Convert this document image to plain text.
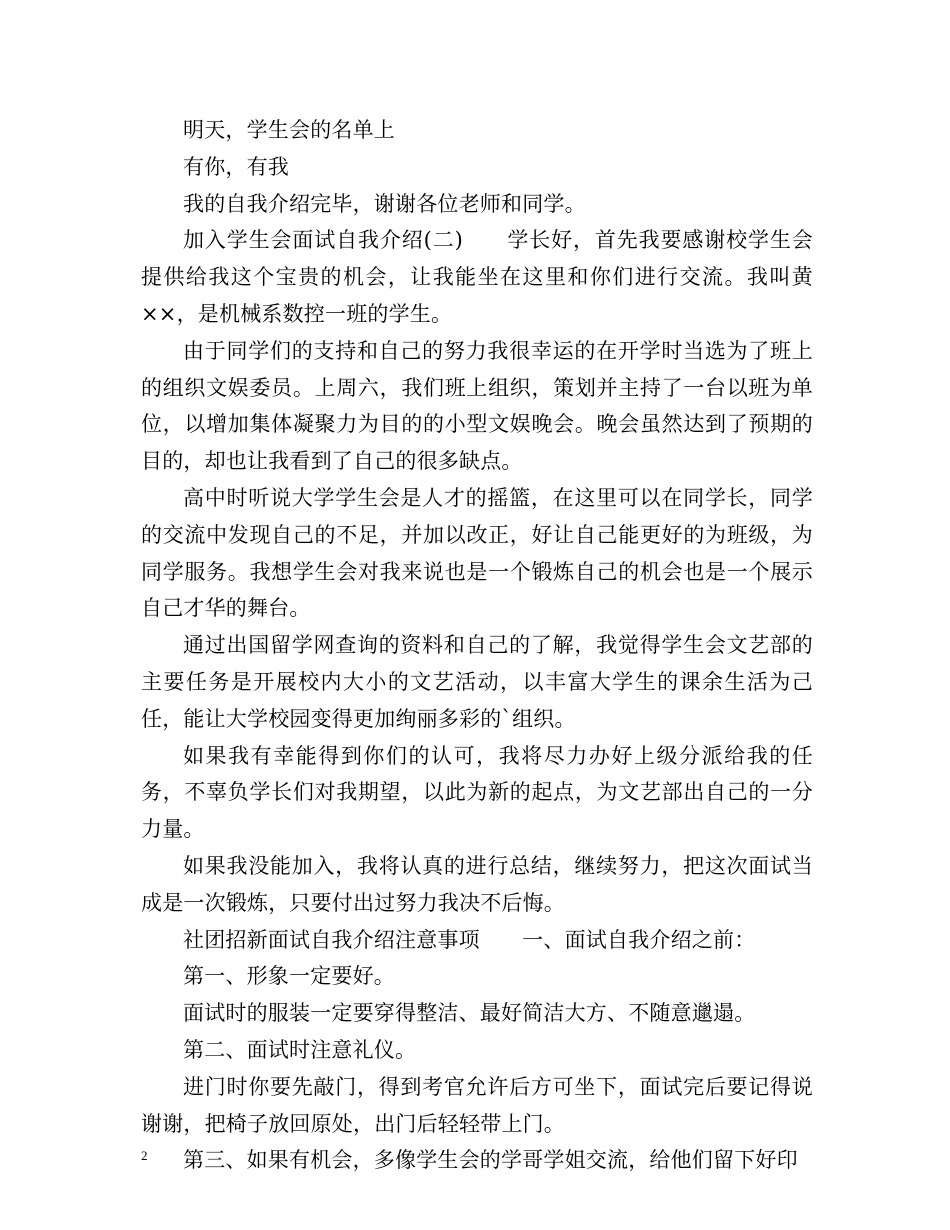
明天，学生会的名单上

有你，有我

我的自我介绍完毕，谢谢各位老师和同学。

加入学生会面试自我介绍(二)　　学长好，首先我要感谢校学生会提供给我这个宝贵的机会，让我能坐在这里和你们进行交流。我叫黄××，是机械系数控一班的学生。

由于同学们的支持和自己的努力我很幸运的在开学时当选为了班上的组织文娱委员。上周六，我们班上组织，策划并主持了一台以班为单位，以增加集体凝聚力为目的的小型文娱晚会。晚会虽然达到了预期的目的，却也让我看到了自己的很多缺点。

高中时听说大学学生会是人才的摇篮，在这里可以在同学长，同学的交流中发现自己的不足，并加以改正，好让自己能更好的为班级，为同学服务。我想学生会对我来说也是一个锻炼自己的机会也是一个展示自己才华的舞台。

通过出国留学网查询的资料和自己的了解，我觉得学生会文艺部的主要任务是开展校内大小的文艺活动，以丰富大学生的课余生活为己任，能让大学校园变得更加绚丽多彩的`组织。

如果我有幸能得到你们的认可，我将尽力办好上级分派给我的任务，不辜负学长们对我期望，以此为新的起点，为文艺部出自己的一分力量。

如果我没能加入，我将认真的进行总结，继续努力，把这次面试当成是一次锻炼，只要付出过努力我决不后悔。

社团招新面试自我介绍注意事项　　一、面试自我介绍之前：

第一、形象一定要好。

面试时的服装一定要穿得整洁、最好简洁大方、不随意邋遢。

第二、面试时注意礼仪。

进门时你要先敲门，得到考官允许后方可坐下，面试完后要记得说谢谢，把椅子放回原处，出门后轻轻带上门。

第三、如果有机会，多像学生会的学哥学姐交流，给他们留下好印

2
